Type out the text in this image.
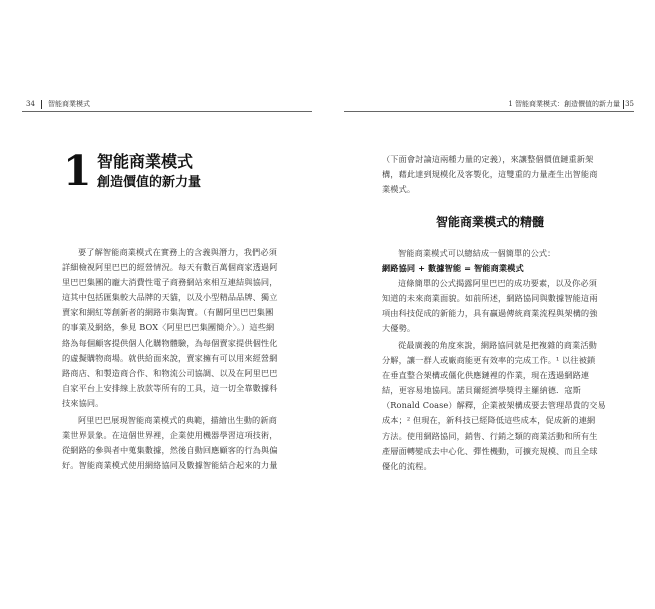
34 智能商業模式
1 智能商業模式
創造價值的新力量
要了解智能商業模式在實務上的含義與潛力，我們必須
詳細檢視阿里巴巴的經營情況。每天有數百萬個商家透過阿
里巴巴集團的龐大消費性電子商務網站來相互連結與協同，
這其中包括匯集較大品牌的天貓，以及小型精品品牌、獨立
賣家和網紅等創新者的網路市集淘寶。（有關阿里巴巴集團
的事業及網絡，參見 BOX〈阿里巴巴集團簡介〉。）這些網
絡為每個顧客提供個人化購物體驗，為每個賣家提供個性化
的虛擬購物商場。就供給面來說，賣家擁有可以用來經營網
路商店、和製造商合作、和物流公司協調、以及在阿里巴巴
自家平台上安排線上放款等所有的工具，這一切全靠數據科
技來協同。
阿里巴巴展現智能商業模式的典範，描繪出生動的新商
業世界景象。在這個世界裡，企業使用機器學習這項技術，
從網路的參與者中蒐集數據，然後自動回應顧客的行為與偏
好。智能商業模式使用網絡協同及數據智能結合起來的力量
1 智能商業模式：創造價值的新力量 35
（下面會討論這兩種力量的定義），來讓整個價值鏈重新架
構，藉此達到規模化及客製化，這雙重的力量產生出智能商
業模式。
智能商業模式的精髓
智能商業模式可以總結成一個簡單的公式：
網路協同 + 數據智能 = 智能商業模式
這條簡單的公式揭露阿里巴巴的成功要素，以及你必須
知道的未來商業面貌。如前所述，網路協同與數據智能這兩
項由科技促成的新能力，具有贏過傳統商業流程與架構的強
大優勢。
從最廣義的角度來說，網路協同就是把複雜的商業活動
分解，讓一群人或廠商能更有效率的完成工作。¹ 以往被鎖
在垂直整合架構或僵化供應鏈裡的作業，現在透過網路連
結，更容易地協同。諾貝爾經濟學獎得主羅納德．寇斯
（Ronald Coase）解釋，企業被架構成要去管理昂貴的交易
成本；² 但現在，新科技已經降低這些成本，促成新的連網
方法。使用網路協同，銷售、行銷之類的商業活動和所有生
產層面轉變成去中心化、彈性機動，可擴充規模、而且全球
優化的流程。
